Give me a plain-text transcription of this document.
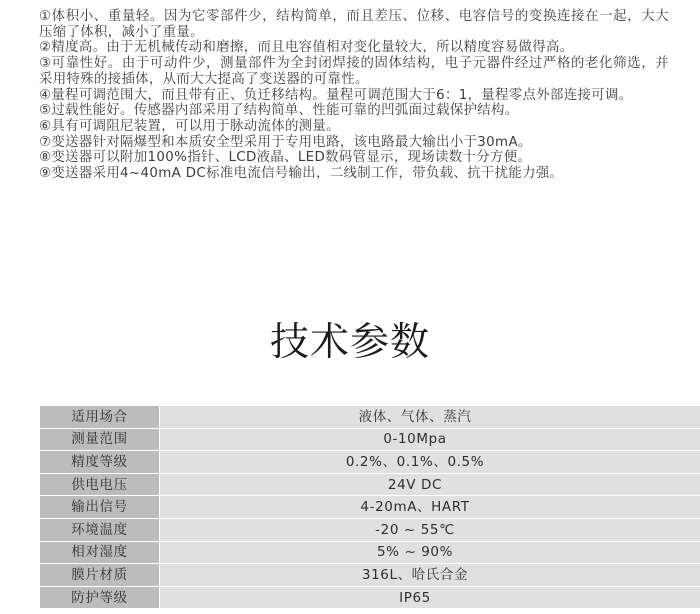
①体积小、重量轻。因为它零部件少，结构简单，而且差压、位移、电容信号的变换连接在一起，大大压缩了体积，减小了重量。
②精度高。由于无机械传动和磨擦，而且电容值相对变化量较大，所以精度容易做得高。
③可靠性好。由于可动件少，测量部件为全封闭焊接的固体结构，电子元器件经过严格的老化筛选，并采用特殊的接插体，从而大大提高了变送器的可靠性。
④量程可调范围大，而且带有正、负迁移结构。量程可调范围大于6：1，量程零点外部连接可调。
⑤过载性能好。传感器内部采用了结构简单、性能可靠的凹弧面过载保护结构。
⑥具有可调阻尼装置，可以用于脉动流体的测量。
⑦变送器针对隔爆型和本质安全型采用于专用电路，该电路最大输出小于30mA。
⑧变送器可以附加100%指针、LCD液晶、LED数码管显示，现场读数十分方便。
⑨变送器采用4~40mA DC标准电流信号输出，二线制工作，带负载、抗干扰能力强。
技术参数
适用场合	液体、气体、蒸汽
测量范围	0-10Mpa
精度等级	0.2%、0.1%、0.5%
供电电压	24V DC
输出信号	4-20mA、HART
环境温度	-20 ~ 55℃
相对湿度	5% ~ 90%
膜片材质	316L、哈氏合金
防护等级	IP65
